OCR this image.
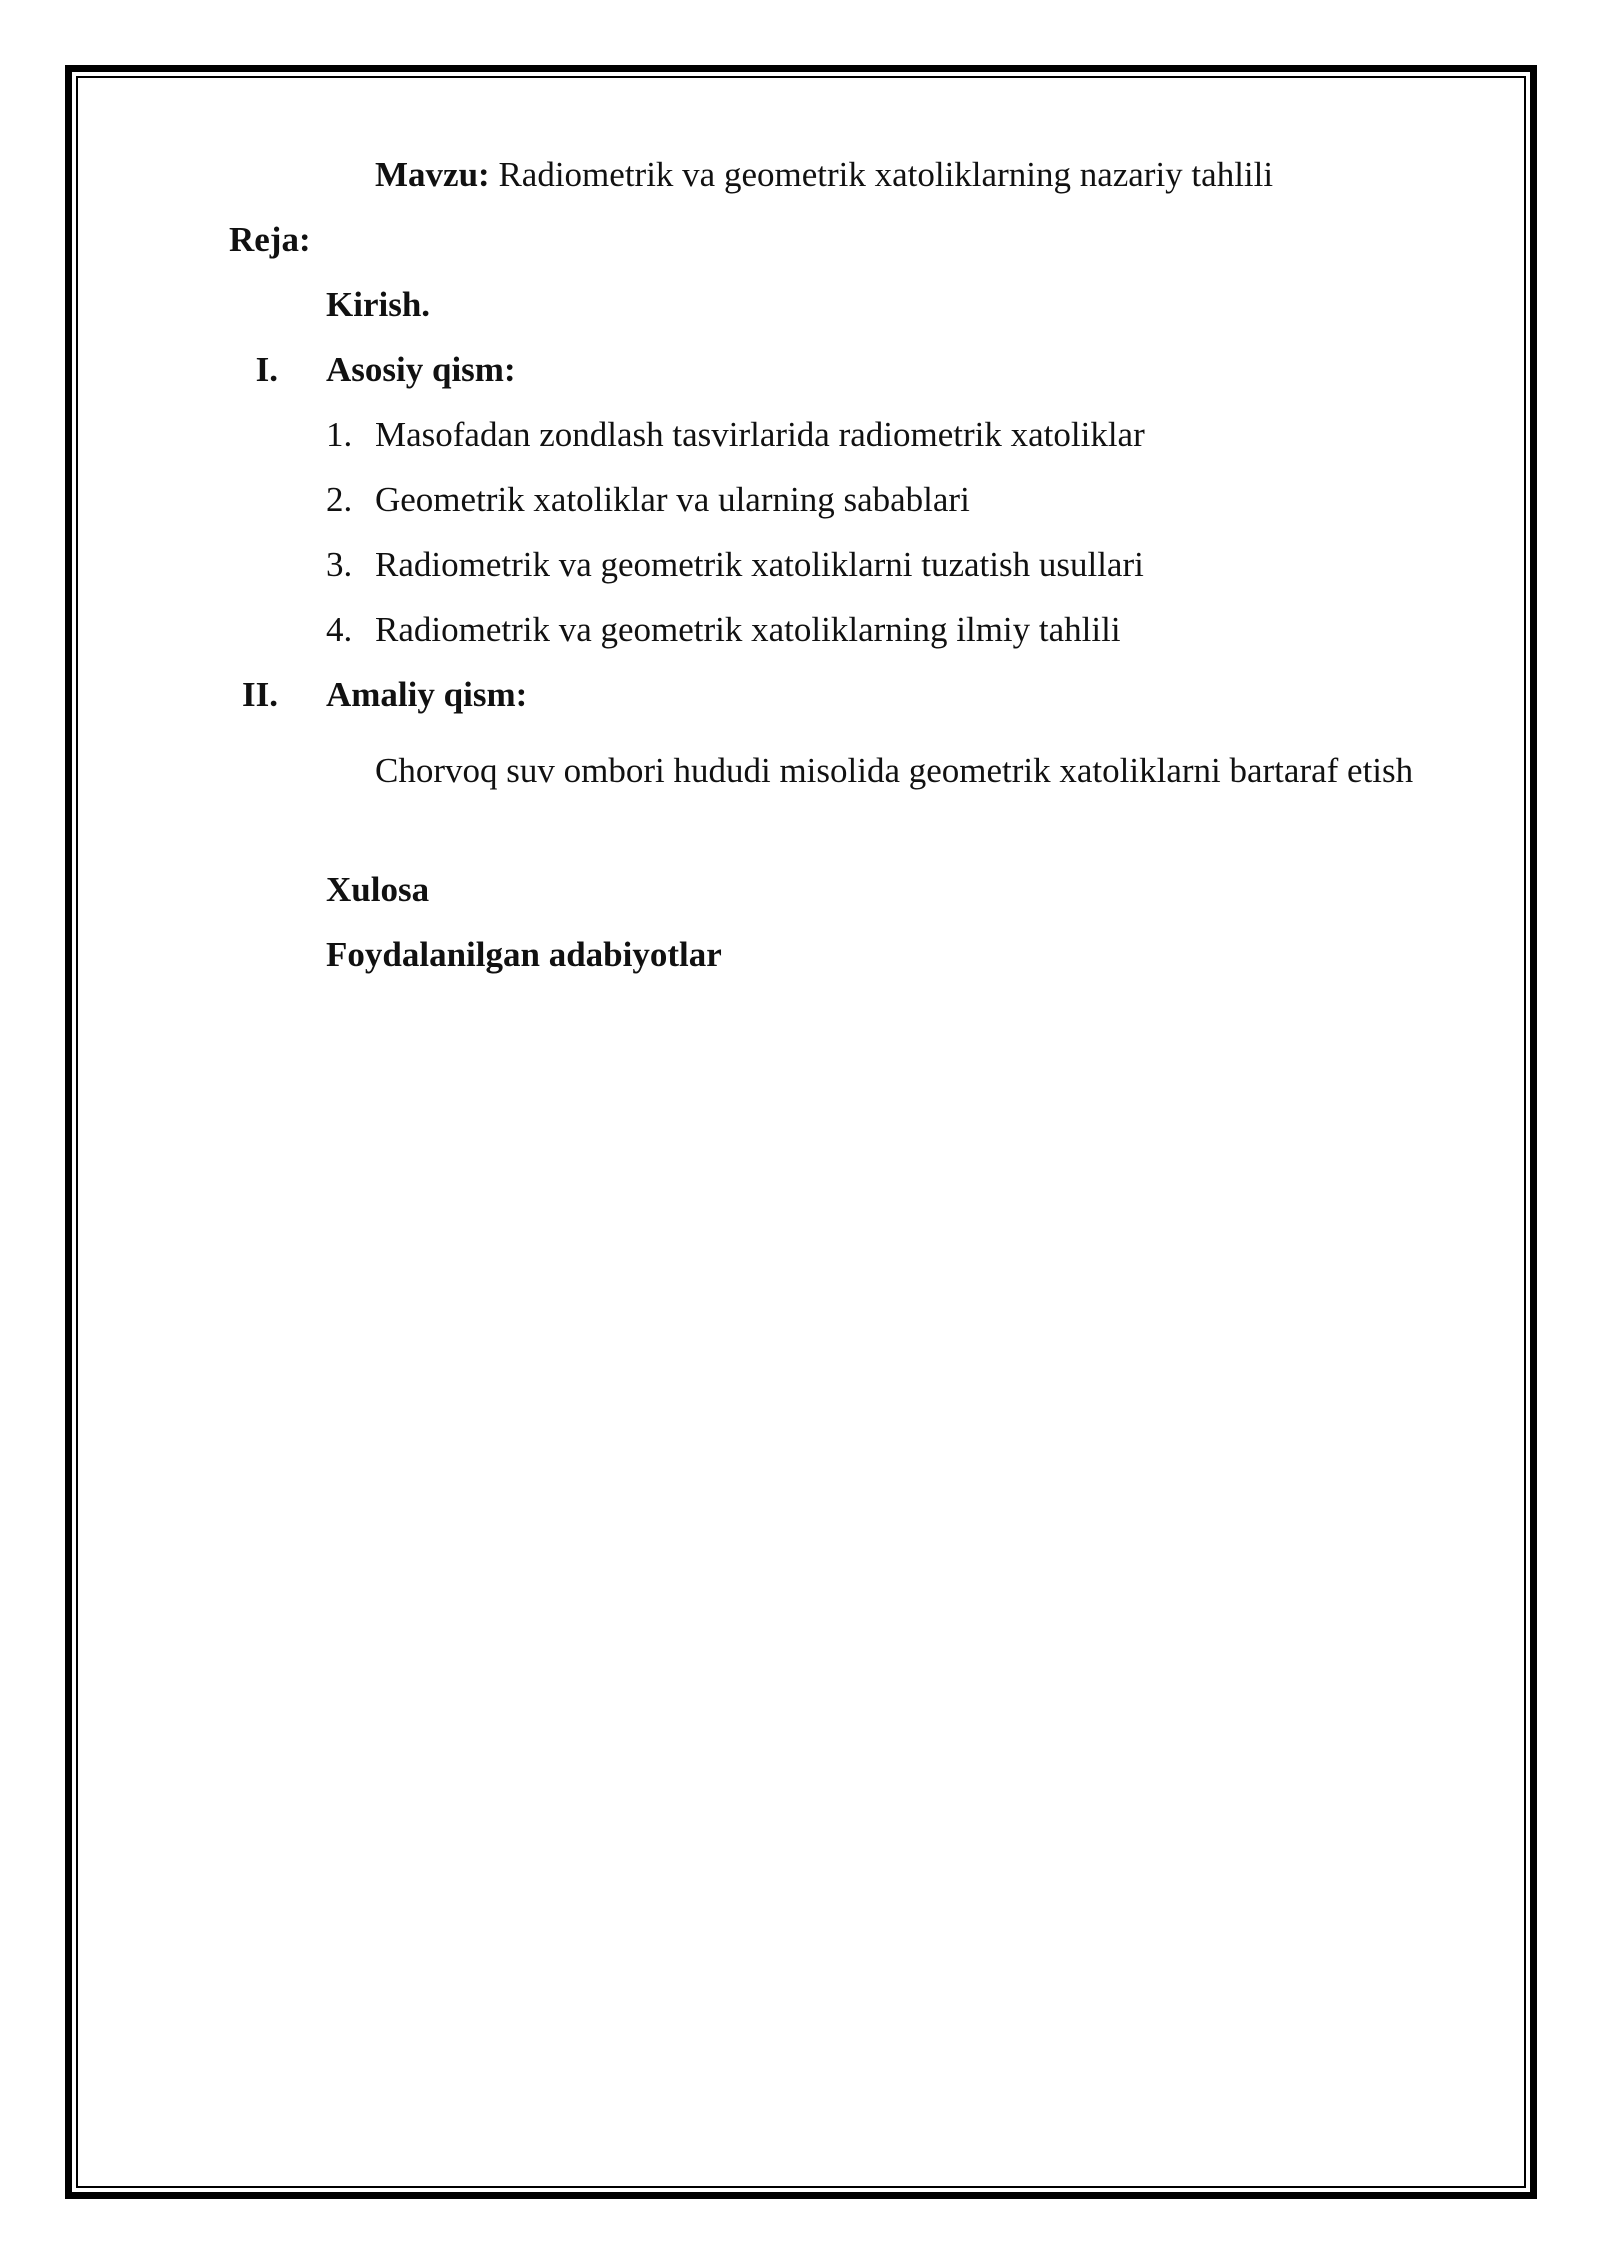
Mavzu: Radiometrik va geometrik xatoliklarning nazariy tahlili
Reja:
Kirish.
I. Asosiy qism:
1. Masofadan zondlash tasvirlarida radiometrik xatoliklar
2. Geometrik xatoliklar va ularning sabablari
3. Radiometrik va geometrik xatoliklarni tuzatish usullari
4. Radiometrik va geometrik xatoliklarning ilmiy tahlili
II. Amaliy qism:
Chorvoq suv ombori hududi misolida geometrik xatoliklarni bartaraf etish
Xulosa
Foydalanilgan adabiyotlar
